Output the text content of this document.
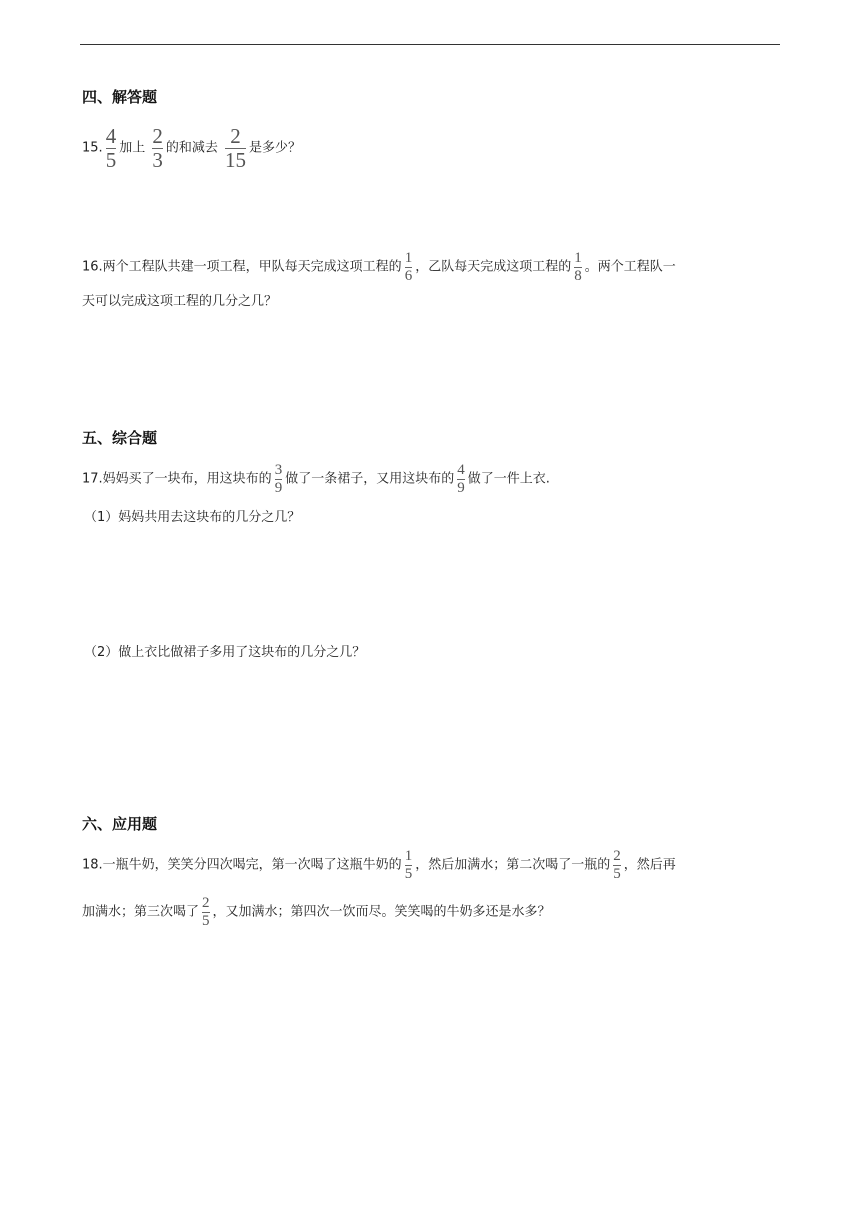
四、解答题
15. $\frac{4}{5}$ 加上 $\frac{2}{3}$ 的和减去 $\frac{2}{15}$ 是多少？
16.两个工程队共建一项工程，甲队每天完成这项工程的 $\frac{1}{6}$ ，乙队每天完成这项工程的 $\frac{1}{8}$ 。两个工程队一
天可以完成这项工程的几分之几？
五、综合题
17.妈妈买了一块布，用这块布的 $\frac{3}{9}$ 做了一条裙子，又用这块布的 $\frac{4}{9}$ 做了一件上衣.
（1）妈妈共用去这块布的几分之几？
（2）做上衣比做裙子多用了这块布的几分之几？
六、应用题
18.一瓶牛奶，笑笑分四次喝完，第一次喝了这瓶牛奶的 $\frac{1}{5}$ ，然后加满水；第二次喝了一瓶的 $\frac{2}{5}$ ，然后再
加满水；第三次喝了 $\frac{2}{5}$ ，又加满水；第四次一饮而尽。笑笑喝的牛奶多还是水多？
